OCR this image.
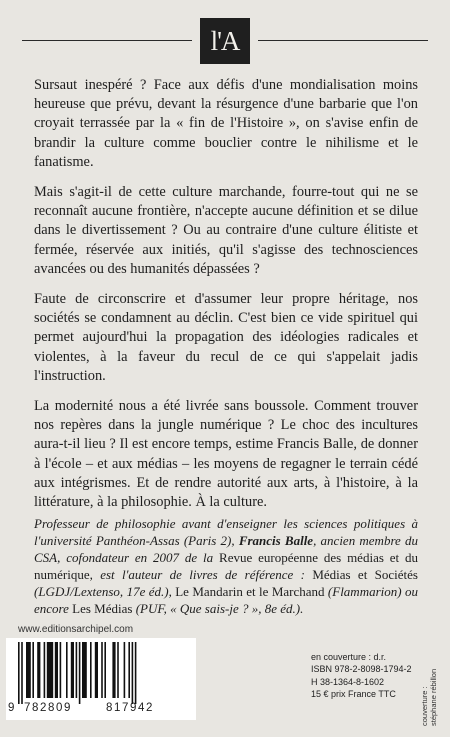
l'A

Sursaut inespéré ? Face aux défis d'une mondialisation moins heureuse que prévu, devant la résurgence d'une barbarie que l'on croyait terrassée par la « fin de l'Histoire », on s'avise enfin de brandir la culture comme bouclier contre le nihilisme et le fanatisme.

Mais s'agit-il de cette culture marchande, fourre-tout qui ne se reconnaît aucune frontière, n'accepte aucune définition et se dilue dans le divertissement ? Ou au contraire d'une culture élitiste et fermée, réservée aux initiés, qu'il s'agisse des technosciences avancées ou des humanités dépassées ?

Faute de circonscrire et d'assumer leur propre héritage, nos sociétés se condamnent au déclin. C'est bien ce vide spirituel qui permet aujourd'hui la propagation des idéologies radicales et violentes, à la faveur du recul de ce qui s'appelait jadis l'instruction.

La modernité nous a été livrée sans boussole. Comment trouver nos repères dans la jungle numérique ? Le choc des incultures aura-t-il lieu ? Il est encore temps, estime Francis Balle, de donner à l'école – et aux médias – les moyens de regagner le terrain cédé aux intégrismes. Et de rendre autorité aux arts, à l'histoire, à la littérature, à la philosophie. À la culture.

Professeur de philosophie avant d'enseigner les sciences politiques à l'université Panthéon-Assas (Paris 2), Francis Balle, ancien membre du CSA, cofondateur en 2007 de la Revue européenne des médias et du numérique, est l'auteur de livres de référence : Médias et Sociétés (LGDJ/Lextenso, 17e éd.), Le Mandarin et le Marchand (Flammarion) ou encore Les Médias (PUF, « Que sais-je ? », 8e éd.).
www.editionsarchipel.com
9 782809	817942
en couverture : d.r.
ISBN 978-2-8098-1794-2
H 38-1364-8-1602
15 € prix France TTC	couverture : stéphane rébillon
